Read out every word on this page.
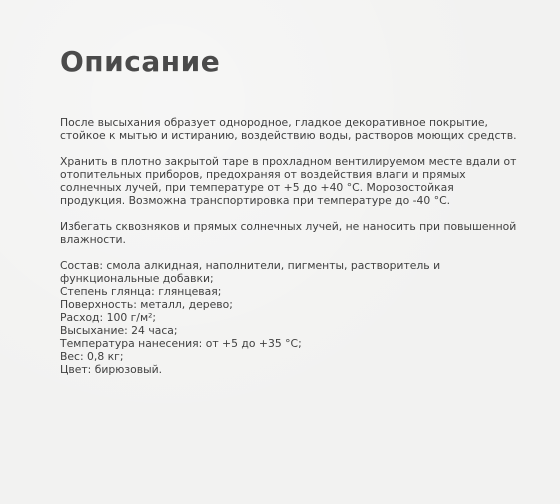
Описание

После высыхания образует однородное, гладкое декоративное покрытие, стойкое к мытью и истиранию, воздействию воды, растворов моющих средств.

Хранить в плотно закрытой таре в прохладном вентилируемом месте вдали от отопительных приборов, предохраняя от воздействия влаги и прямых солнечных лучей, при температуре от +5 до +40 °С. Морозостойкая продукция. Возможна транспортировка при температуре до -40 °С.

Избегать сквозняков и прямых солнечных лучей, не наносить при повышенной влажности.

Состав: смола алкидная, наполнители, пигменты, растворитель и функциональные добавки;
Степень глянца: глянцевая;
Поверхность: металл, дерево;
Расход: 100 г/м²;
Высыхание: 24 часа;
Температура нанесения: от +5 до +35 °С;
Вес: 0,8 кг;
Цвет: бирюзовый.
